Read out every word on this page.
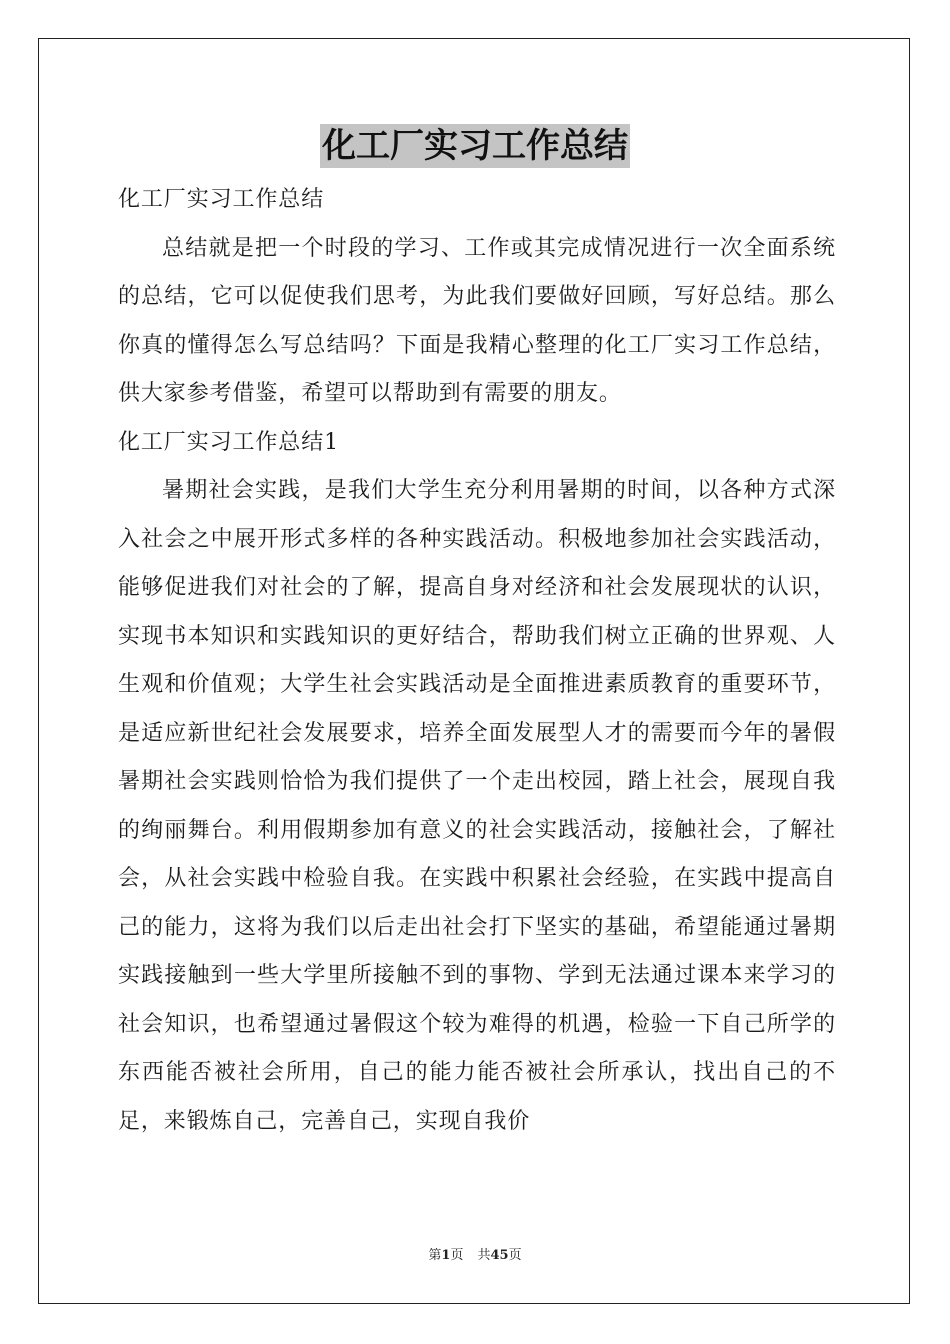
化工厂实习工作总结

化工厂实习工作总结

总结就是把一个时段的学习、工作或其完成情况进行一次全面系统的总结，它可以促使我们思考，为此我们要做好回顾，写好总结。那么你真的懂得怎么写总结吗？下面是我精心整理的化工厂实习工作总结，供大家参考借鉴，希望可以帮助到有需要的朋友。

化工厂实习工作总结1

暑期社会实践，是我们大学生充分利用暑期的时间，以各种方式深入社会之中展开形式多样的各种实践活动。积极地参加社会实践活动，能够促进我们对社会的了解，提高自身对经济和社会发展现状的认识，实现书本知识和实践知识的更好结合，帮助我们树立正确的世界观、人生观和价值观；大学生社会实践活动是全面推进素质教育的重要环节，是适应新世纪社会发展要求，培养全面发展型人才的需要而今年的暑假暑期社会实践则恰恰为我们提供了一个走出校园，踏上社会，展现自我的绚丽舞台。利用假期参加有意义的社会实践活动，接触社会，了解社会，从社会实践中检验自我。在实践中积累社会经验，在实践中提高自己的能力，这将为我们以后走出社会打下坚实的基础，希望能通过暑期实践接触到一些大学里所接触不到的事物、学到无法通过课本来学习的社会知识，也希望通过暑假这个较为难得的机遇，检验一下自己所学的东西能否被社会所用，自己的能力能否被社会所承认，找出自己的不足，来锻炼自己，完善自己，实现自我价

第1页 共45页
